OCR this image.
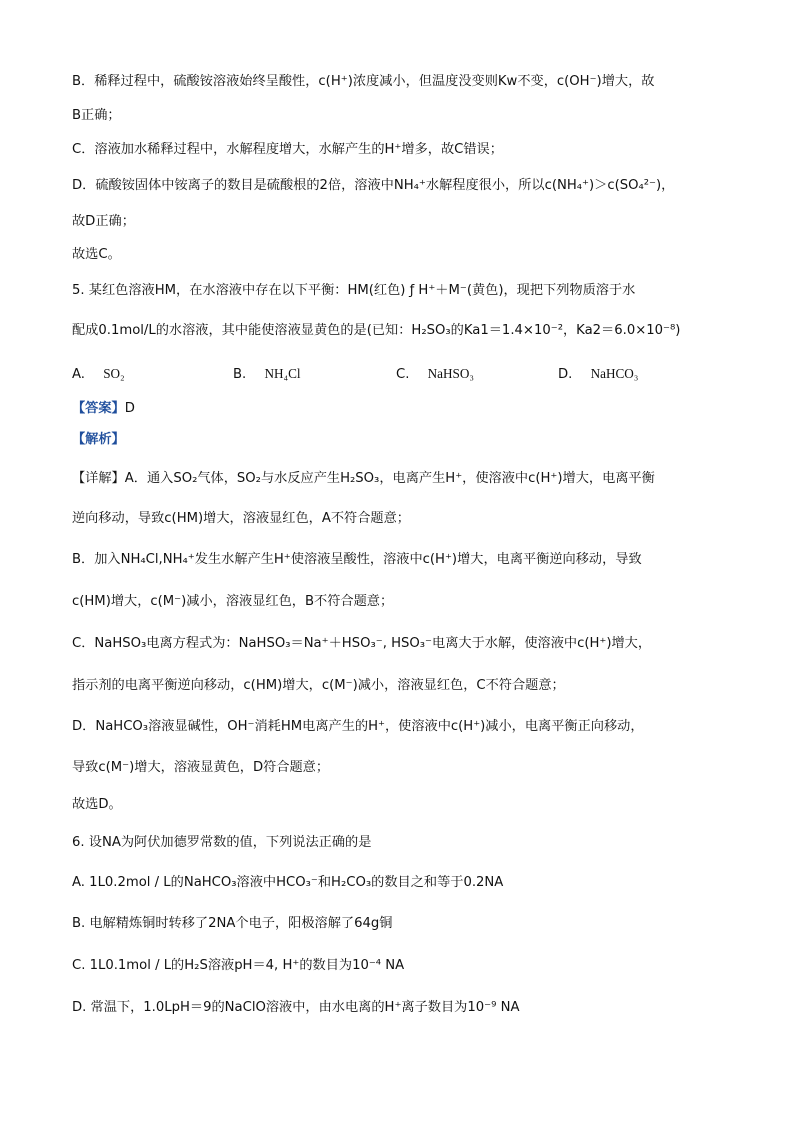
B．稀释过程中，硫酸铵溶液始终呈酸性，c(H⁺)浓度减小，但温度没变则Kw不变，c(OH⁻)增大，故
B正确；
C．溶液加水稀释过程中，水解程度增大，水解产生的H⁺增多，故C错误；
D．硫酸铵固体中铵离子的数目是硫酸根的2倍，溶液中NH₄⁺水解程度很小，所以c(NH₄⁺)＞c(SO₄²⁻)，
故D正确；
故选C。
5. 某红色溶液HM，在水溶液中存在以下平衡：HM(红色) ƒ H⁺＋M⁻(黄色)，现把下列物质溶于水
配成0.1mol/L的水溶液，其中能使溶液显黄色的是(已知：H₂SO₃的Ka1＝1.4×10⁻²，Ka2＝6.0×10⁻⁸)
A. SO₂	B. NH₄Cl	C. NaHSO₃	D. NaHCO₃
【答案】D
【解析】
【详解】A．通入SO₂气体，SO₂与水反应产生H₂SO₃，电离产生H⁺，使溶液中c(H⁺)增大，电离平衡
逆向移动，导致c(HM)增大，溶液显红色，A不符合题意；
B．加入NH₄Cl,NH₄⁺发生水解产生H⁺使溶液呈酸性，溶液中c(H⁺)增大，电离平衡逆向移动，导致
c(HM)增大，c(M⁻)减小，溶液显红色，B不符合题意；
C．NaHSO₃电离方程式为：NaHSO₃＝Na⁺＋HSO₃⁻, HSO₃⁻电离大于水解，使溶液中c(H⁺)增大，
指示剂的电离平衡逆向移动，c(HM)增大，c(M⁻)减小，溶液显红色，C不符合题意；
D．NaHCO₃溶液显碱性，OH⁻消耗HM电离产生的H⁺，使溶液中c(H⁺)减小，电离平衡正向移动，
导致c(M⁻)增大，溶液显黄色，D符合题意；
故选D。
6. 设NA为阿伏加德罗常数的值，下列说法正确的是
A. 1L0.2mol / L的NaHCO₃溶液中HCO₃⁻和H₂CO₃的数目之和等于0.2NA
B. 电解精炼铜时转移了2NA个电子，阳极溶解了64g铜
C. 1L0.1mol / L的H₂S溶液pH＝4, H⁺的数目为10⁻⁴ NA
D. 常温下，1.0LpH＝9的NaClO溶液中，由水电离的H⁺离子数目为10⁻⁹ NA
